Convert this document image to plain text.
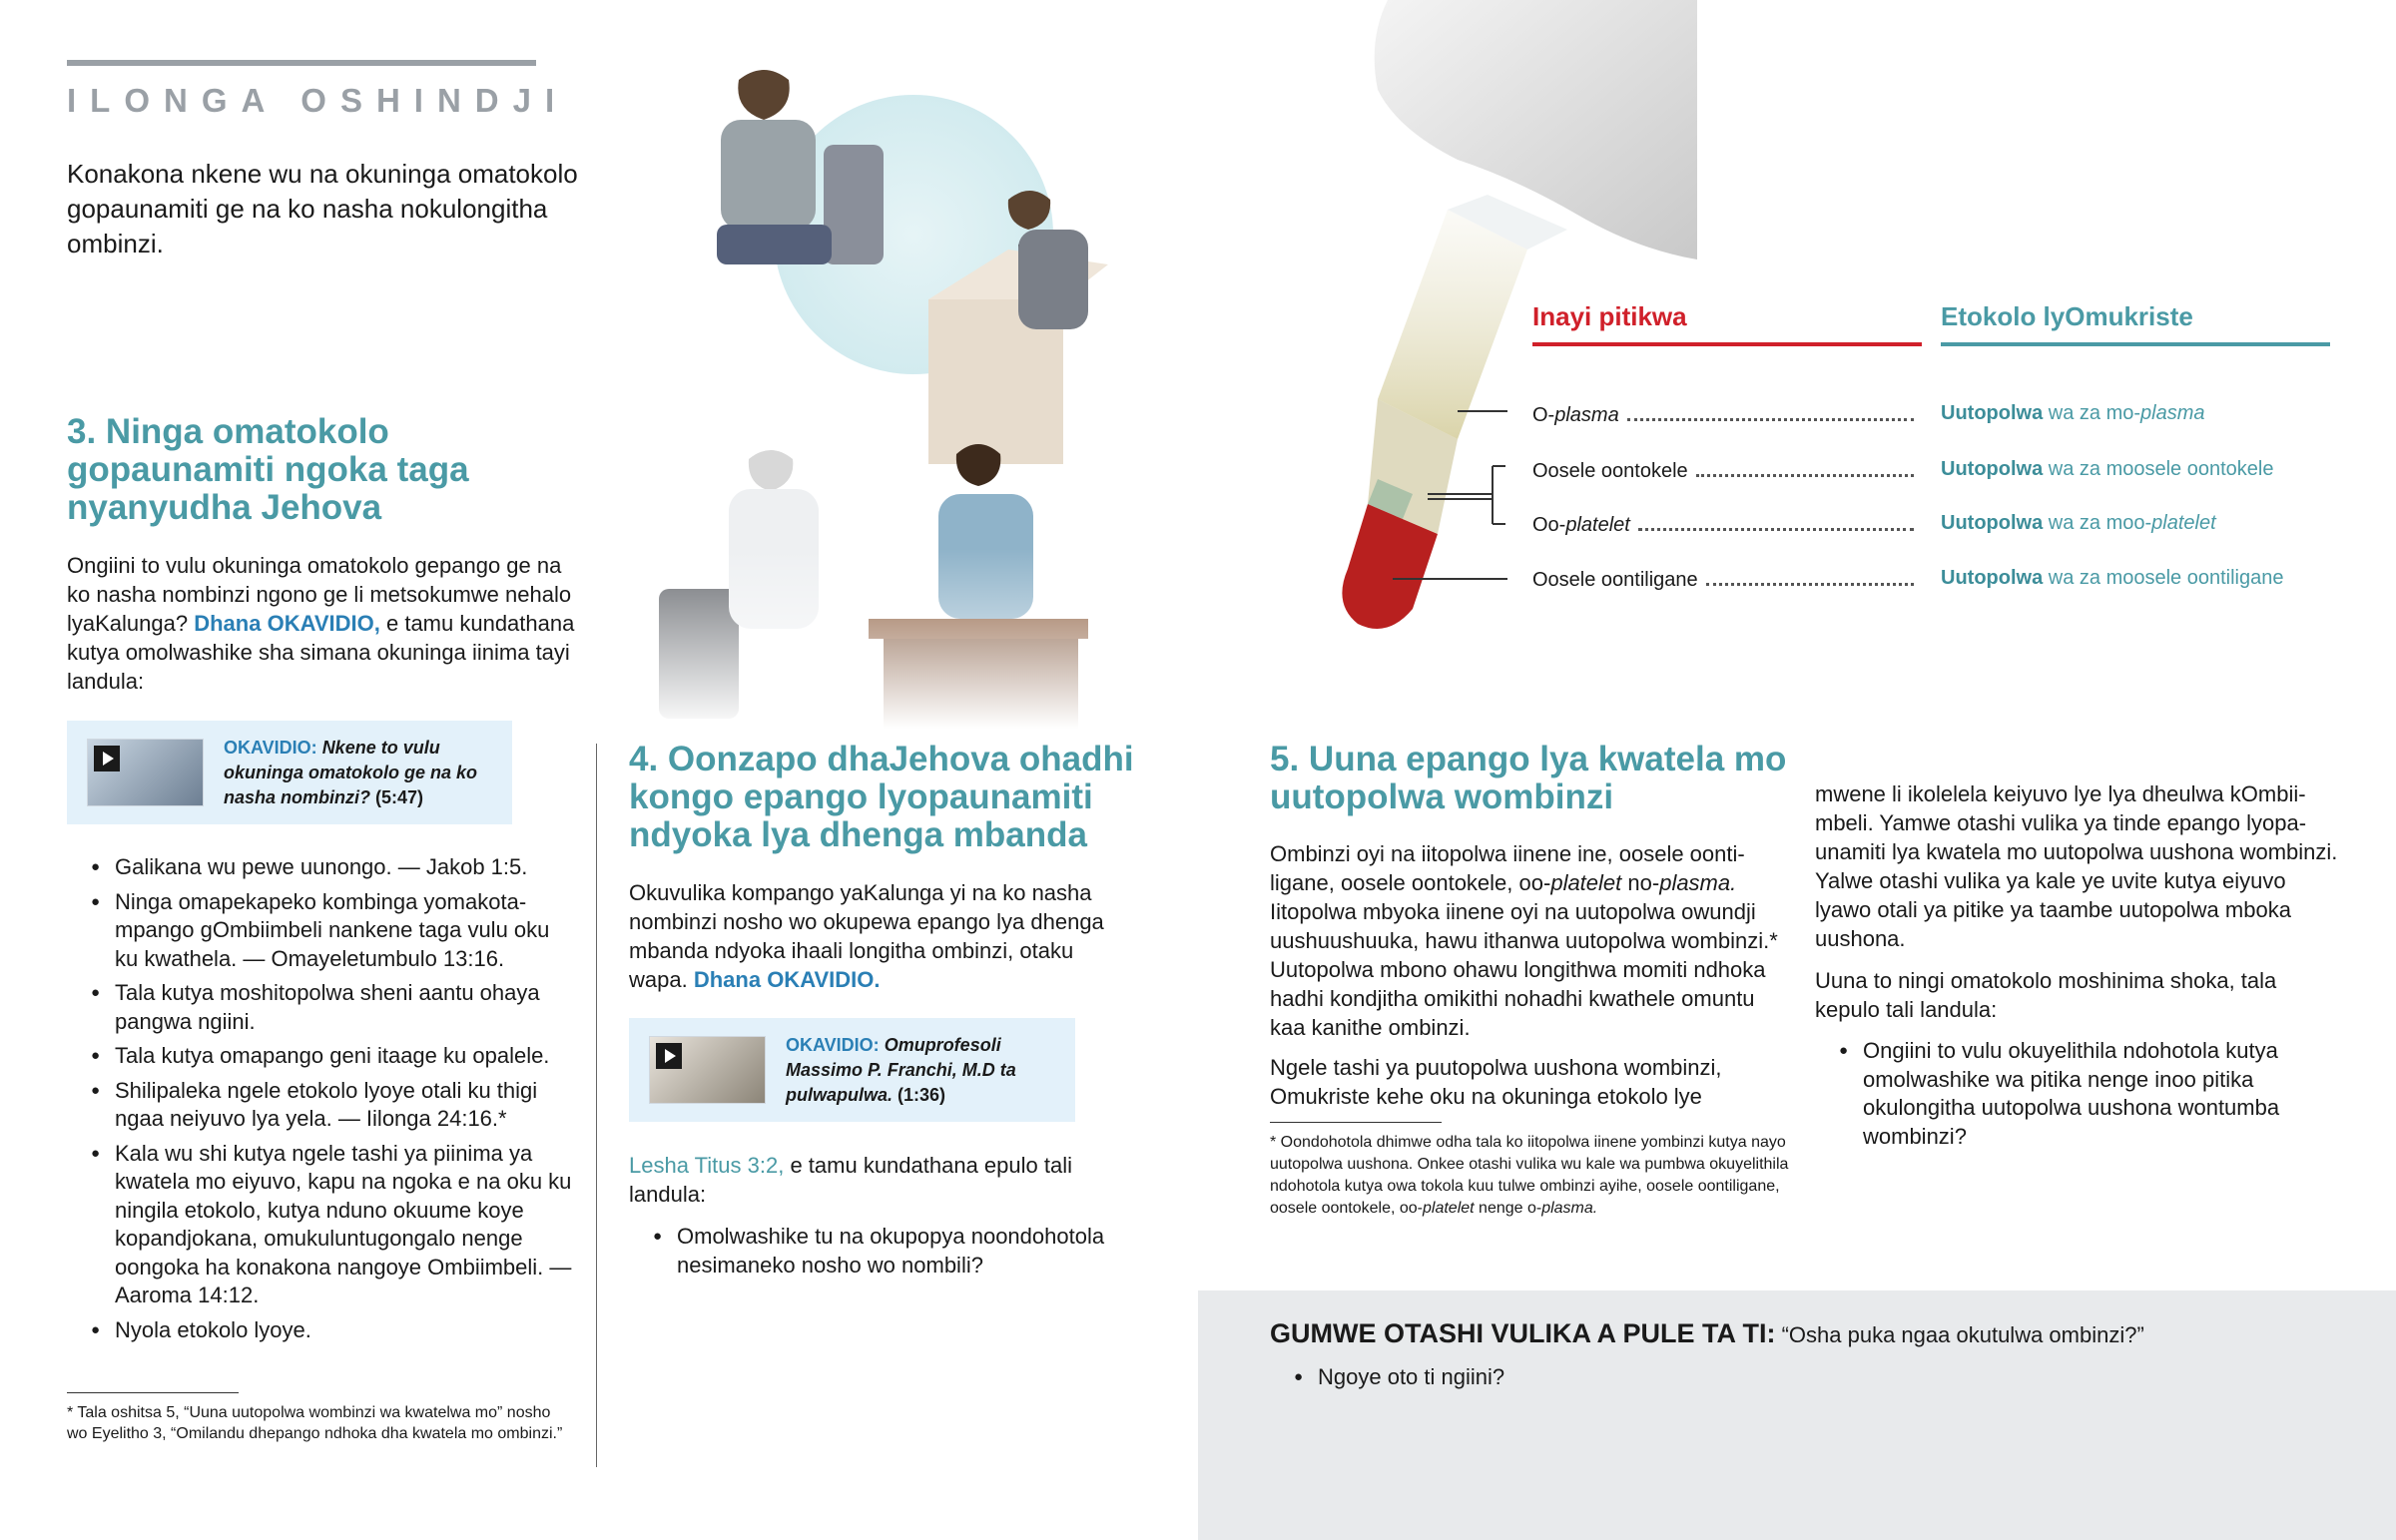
ILONGA OSHINDJI

Konakona nkene wu na okuninga omatokolo gopaunamiti ge na ko nasha nokulongitha ombinzi.

3. Ninga omatokolo gopaunamiti ngoka taga nyanyudha Jehova

Ongiini to vulu okuninga omatokolo gepango ge na ko nasha nombinzi ngono ge li metsokumwe nehalo lyaKalunga? Dhana OKAVIDIO, e tamu kundathana kutya omolwashike sha simana okuninga iinima tayi landula:

OKAVIDIO: Nkene to vulu okuninga omatokolo ge na ko nasha nombinzi? (5:47)
● Galikana wu pewe uunongo. — Jakob 1:5.
● Ninga omapekapeko kombinga yomakotampango gOmbiimbeli nankene taga vulu oku ku kwathela. — Omayeletumbulo 13:16.
● Tala kutya moshitopolwa sheni aantu ohaya pangwa ngiini.
● Tala kutya omapango geni itaage ku opalele.
● Shilipaleka ngele etokolo lyoye otali ku thigi ngaa neiyuvo lya yela. — Iilonga 24:16.*
● Kala wu shi kutya ngele tashi ya piinima ya kwatela mo eiyuvo, kapu na ngoka e na oku ku ningila etokolo, kutya nduno okuume koye kopandjokana, omukuluntugongalo nenge oongoka ha konakona nangoye Ombiimbeli. — Aaroma 14:12.
● Nyola etokolo lyoye.

* Tala oshitsa 5, “Uuna uutopolwa wombinzi wa kwatelwa mo” nosho wo Eyelitho 3, “Omilandu dhepango ndhoka dha kwatela mo ombinzi.”

4. Oonzapo dhaJehova ohadhi kongo epango lyopaunamiti ndyoka lya dhenga mbanda

Okuvulika kompango yaKalunga yi na ko nasha nombinzi nosho wo okupewa epango lya dhenga mbanda ndyoka ihaali longitha ombinzi, otaku wapa. Dhana OKAVIDIO.

OKAVIDIO: Omuprofesoli Massimo P. Franchi, M.D ta pulwapulwa. (1:36)

Lesha Titus 3:2, e tamu kundathana epulo tali landula:

● Omolwashike tu na okupopya noondohotola nesimaneko nosho wo nombili?
Inayi pitikwa	Etokolo lyOmukriste
O-plasma
Oosele oontokele
Oo-platelet
Oosele oontiligane
Uutopolwa wa za mo-plasma
Uutopolwa wa za moosele oontokele
Uutopolwa wa za moo-platelet
Uutopolwa wa za moosele oontiligane
5. Uuna epango lya kwatela mo uutopolwa wombinzi

Ombinzi oyi na iitopolwa iinene ine, oosele oontiligane, oosele oontokele, oo-platelet no-plasma. Iitopolwa mbyoka iinene oyi na uutopolwa owundji uushuushuuka, hawu ithanwa uutopolwa wombinzi.* Uutopolwa mbono ohawu longithwa momiti ndhoka hadhi kondjitha omikithi nohadhi kwathele omuntu kaa kanithe ombinzi.

Ngele tashi ya puutopolwa uushona wombinzi, Omukriste kehe oku na okuninga etokolo lye

* Oondohotola dhimwe odha tala ko iitopolwa iinene yombinzi kutya nayo uutopolwa uushona. Onkee otashi vulika wu kale wa pumbwa okuyelithila ndohotola kutya owa tokola kuu tulwe ombinzi ayihe, oosele oontiligane, oosele oontokele, oo-platelet nenge o-plasma.

mwene li ikolelela keiyuvo lye lya dheulwa kOmbiimbeli. Yamwe otashi vulika ya tinde epango lyopaunamiti lya kwatela mo uutopolwa uushona wombinzi. Yalwe otashi vulika ya kale ye uvite kutya eiyuvo lyawo otali ya pitike ya taambe uutopolwa mboka uushona.

Uuna to ningi omatokolo moshinima shoka, tala kepulo tali landula:

● Ongiini to vulu okuyelithila ndohotola kutya omolwashike wa pitika nenge inoo pitika okulongitha uutopolwa uushona wontumba wombinzi?
GUMWE OTASHI VULIKA A PULE TA TI: “Osha puka ngaa okutulwa ombinzi?”
● Ngoye oto ti ngiini?
